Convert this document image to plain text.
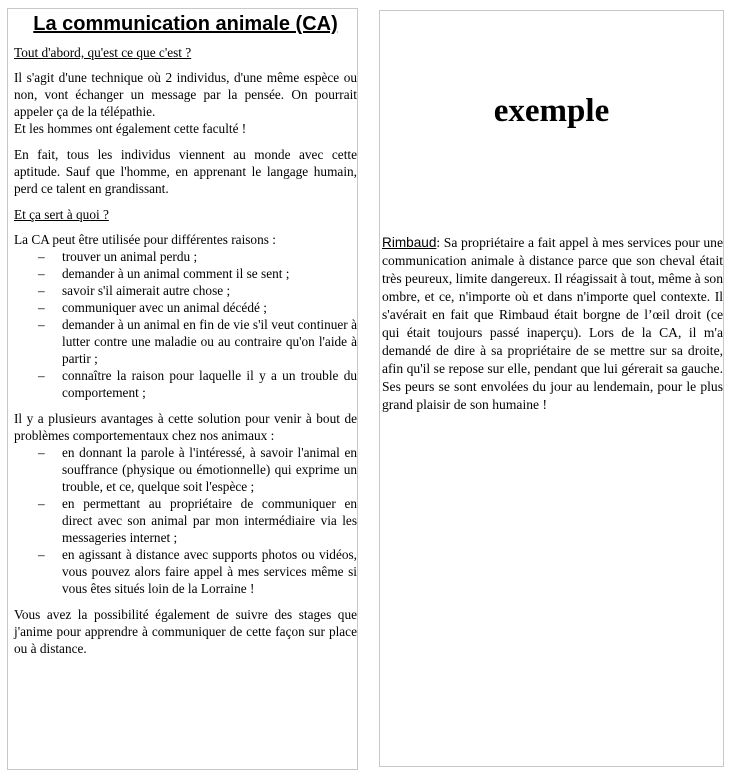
La communication animale (CA)

Tout d'abord, qu'est ce que c'est ?

Il s'agit d'une technique où 2 individus, d'une même espèce ou non, vont échanger un message par la pensée. On pourrait appeler ça de la télépathie.

Et les hommes ont également cette faculté !

En fait, tous les individus viennent au monde avec cette aptitude. Sauf que l'homme, en apprenant le langage humain, perd ce talent en grandissant.

Et ça sert à quoi ?

La CA peut être utilisée pour différentes raisons :

– trouver un animal perdu ;
– demander à un animal comment il se sent ;
– savoir s'il aimerait autre chose ;
– communiquer avec un animal décédé ;
– demander à un animal en fin de vie s'il veut continuer à lutter contre une maladie ou au contraire qu'on l'aide à partir ;
– connaître la raison pour laquelle il y a un trouble du comportement ;

Il y a plusieurs avantages à cette solution pour venir à bout de problèmes comportementaux chez nos animaux :

– en donnant la parole à l'intéressé, à savoir l'animal en souffrance (physique ou émotionnelle) qui exprime un trouble, et ce, quelque soit l'espèce ;
– en permettant au propriétaire de communiquer en direct avec son animal par mon intermédiaire via les messageries internet ;
– en agissant à distance avec supports photos ou vidéos, vous pouvez alors faire appel à mes services même si vous êtes situés loin de la Lorraine !

Vous avez la possibilité également de suivre des stages que j'anime pour apprendre à communiquer de cette façon sur place ou à distance.

exemple
Rimbaud: Sa propriétaire a fait appel à mes services pour une communication animale à distance parce que son cheval était très peureux, limite dangereux. Il réagissait à tout, même à son ombre, et ce, n'importe où et dans n'importe quel contexte. Il s'avérait en fait que Rimbaud était borgne de l’œil droit (ce qui était toujours passé inaperçu). Lors de la CA, il m'a demandé de dire à sa propriétaire de se mettre sur sa droite, afin qu'il se repose sur elle, pendant que lui gérerait sa gauche. Ses peurs se sont envolées du jour au lendemain, pour le plus grand plaisir de son humaine !
